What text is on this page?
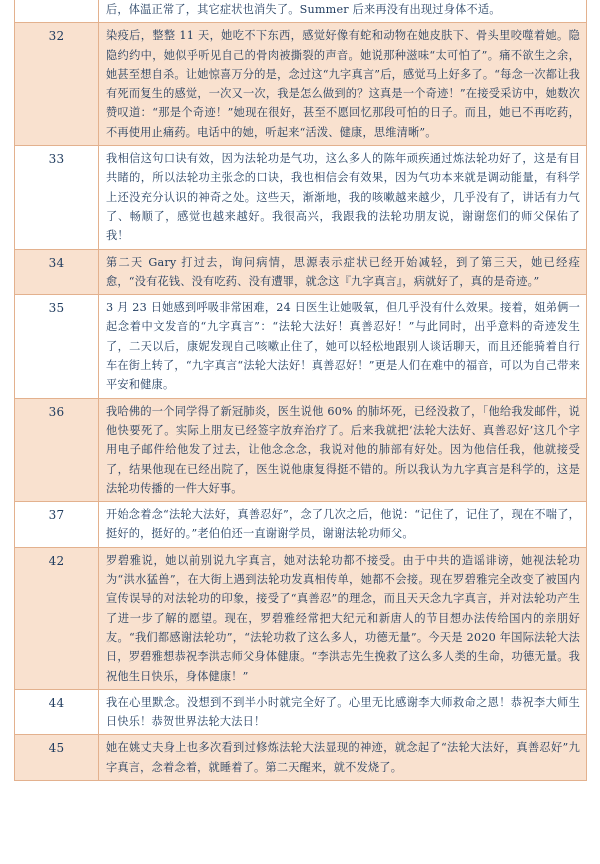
	后，体温正常了，其它症状也消失了。Summer 后来再没有出现过身体不适。
32	染疫后，整整 11 天，她吃不下东西，感觉好像有蛇和动物在她皮肤下、骨头里咬噬着她。隐隐约约中，她似乎听见自己的骨肉被撕裂的声音。她说那种滋味“太可怕了”。痛不欲生之余，她甚至想自杀。让她惊喜万分的是，念过这“九字真言”后，感觉马上好多了。“每念一次都让我有死而复生的感觉，一次又一次，我是怎么做到的？这真是一个奇迹！”在接受采访中，她数次赞叹道：“那是个奇迹！”她现在很好，甚至不愿回忆那段可怕的日子。而且，她已不再吃药，不再使用止痛药。电话中的她，听起来“活泼、健康，思维清晰”。
33	我相信这句口诀有效，因为法轮功是气功，这么多人的陈年顽疾通过炼法轮功好了，这是有目共睹的，所以法轮功主张念的口诀，我也相信会有效果，因为气功本来就是调动能量，有科学上还没充分认识的神奇之处。这些天，渐渐地，我的咳嗽越来越少，几乎没有了，讲话有力气了、畅顺了，感觉也越来越好。我很高兴，我跟我的法轮功朋友说，谢谢您们的师父保佑了我！
34	第二天 Gary 打过去，询问病情，思源表示症状已经开始减轻，到了第三天，她已经痊愈，“没有花钱、没有吃药、没有遭罪，就念这『九字真言』，病就好了，真的是奇迹。”
35	3 月 23 日她感到呼吸非常困难，24 日医生让她吸氧，但几乎没有什么效果。接着，姐弟俩一起念着中文发音的“九字真言”：“法轮大法好！真善忍好！”与此同时，出乎意料的奇迹发生了，二天以后，康妮发现自己咳嗽止住了，她可以轻松地跟别人谈话聊天，而且还能骑着自行车在街上转了，“九字真言“法轮大法好！真善忍好！”更是人们在难中的福音，可以为自己带来平安和健康。
36	我哈佛的一个同学得了新冠肺炎，医生说他 60% 的肺坏死，已经没救了，「他给我发邮件，说他快要死了。实际上朋友已经签字放弃治疗了。后来我就把‘法轮大法好、真善忍好’这几个字用电子邮件给他发了过去，让他念念念，我说对他的肺部有好处。因为他信任我，他就接受了，结果他现在已经出院了，医生说他康复得挺不错的。所以我认为九字真言是科学的，这是法轮功传播的一件大好事。
37	开始念着念“法轮大法好，真善忍好”，念了几次之后，他说：“记住了，记住了，现在不喘了，挺好的，挺好的。”老伯伯还一直谢谢学员，谢谢法轮功师父。
42	罗碧雅说，她以前别说九字真言，她对法轮功都不接受。由于中共的造谣诽谤，她视法轮功为“洪水猛兽”，在大街上遇到法轮功发真相传单，她都不会接。现在罗碧雅完全改变了被国内宣传误导的对法轮功的印象，接受了“真善忍”的理念，而且天天念九字真言，并对法轮功产生了进一步了解的愿望。现在，罗碧雅经常把大纪元和新唐人的节目想办法传给国内的亲朋好友。“我们都感谢法轮功”，“法轮功救了这么多人，功德无量”。今天是 2020 年国际法轮大法日，罗碧雅想恭祝李洪志师父身体健康。“李洪志先生挽救了这么多人类的生命，功德无量。我祝他生日快乐，身体健康！”
44	我在心里默念。没想到不到半小时就完全好了。心里无比感谢李大师救命之恩！恭祝李大师生日快乐！恭贺世界法轮大法日！
45	她在姚丈夫身上也多次看到过修炼法轮大法显现的神迹，就念起了“法轮大法好，真善忍好”九字真言，念着念着，就睡着了。第二天醒来，就不发烧了。
